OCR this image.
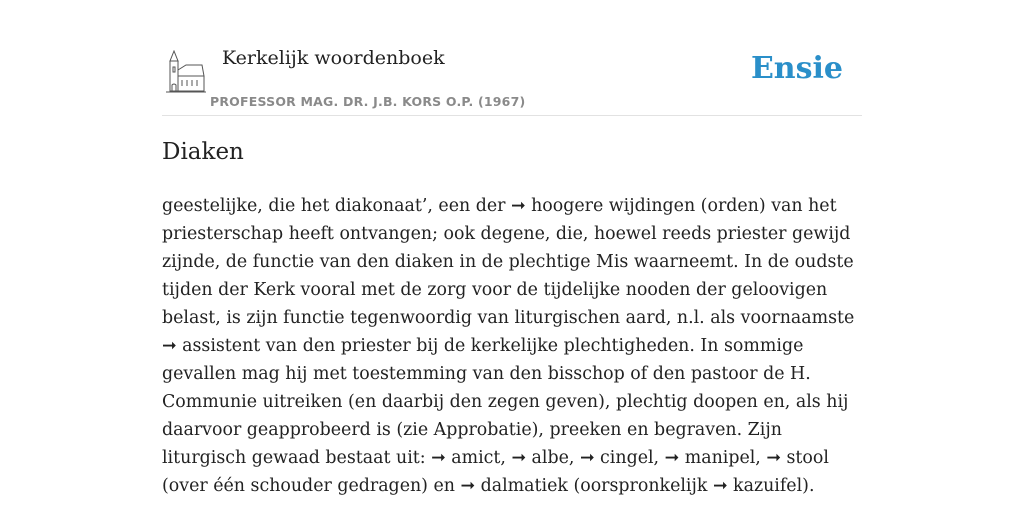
Kerkelijk woordenboek
PROFESSOR MAG. DR. J.B. KORS O.P. (1967)
Ensie
Diaken

geestelijke, die het diakonaat’, een der ➞ hoogere wijdingen (orden) van het priesterschap heeft ontvangen; ook degene, die, hoewel reeds priester gewijd zijnde, de functie van den diaken in de plechtige Mis waarneemt. In de oudste tijden der Kerk vooral met de zorg voor de tijdelijke nooden der geloovigen belast, is zijn functie tegenwoordig van liturgischen aard, n.l. als voornaamste ➞ assistent van den priester bij de kerkelijke plechtigheden. In sommige gevallen mag hij met toestemming van den bisschop of den pastoor de H. Communie uitreiken (en daarbij den zegen geven), plechtig doopen en, als hij daarvoor geapprobeerd is (zie Approbatie), preeken en begraven. Zijn liturgisch gewaad bestaat uit: ➞ amict, ➞ albe, ➞ cingel, ➞ manipel, ➞ stool (over één schouder gedragen) en ➞ dalmatiek (oorspronkelijk ➞ kazuifel).
